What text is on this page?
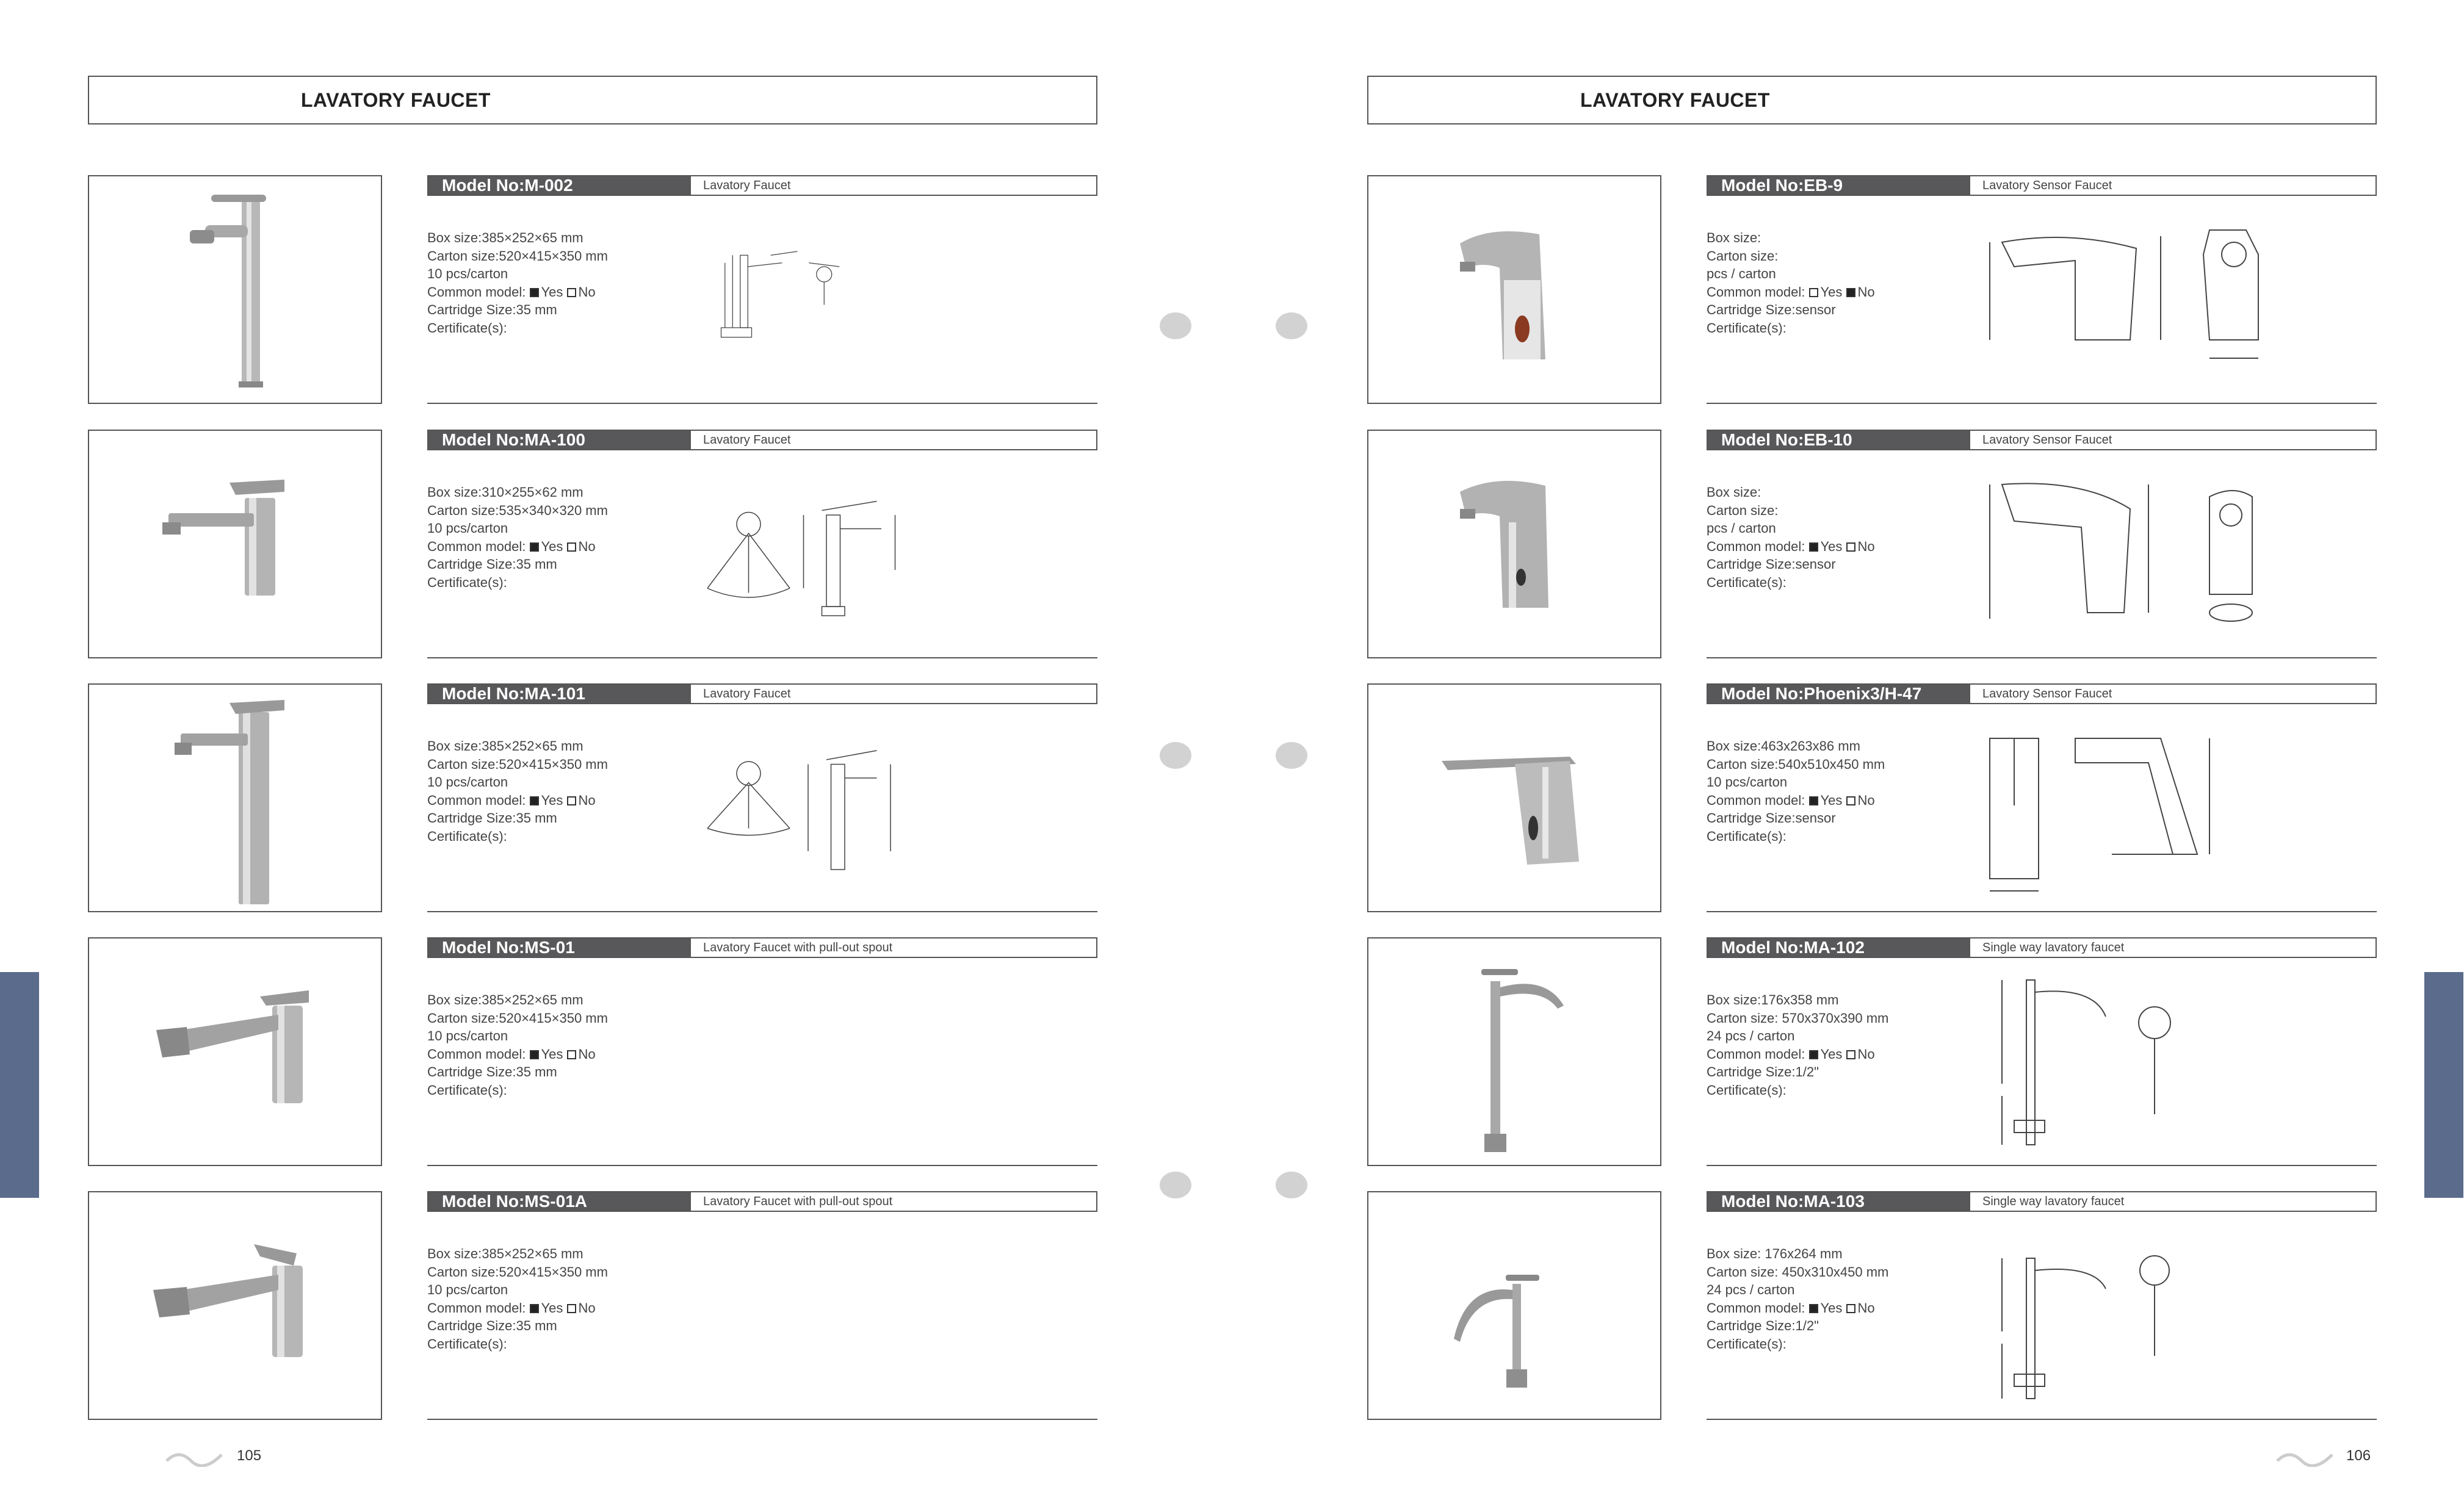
LAVATORY FAUCET
Model No:M-002	Lavatory Faucet
Box size:385×252×65 mm
Carton size:520×415×350 mm
10 pcs/carton
Common model: Yes No
Cartridge Size:35 mm
Certificate(s):
Model No:MA-100	Lavatory Faucet
Box size:310×255×62 mm
Carton size:535×340×320 mm
10 pcs/carton
Common model: Yes No
Cartridge Size:35 mm
Certificate(s):
Model No:MA-101	Lavatory Faucet
Box size:385×252×65 mm
Carton size:520×415×350 mm
10 pcs/carton
Common model: Yes No
Cartridge Size:35 mm
Certificate(s):
Model No:MS-01	Lavatory Faucet with pull-out spout
Box size:385×252×65 mm
Carton size:520×415×350 mm
10 pcs/carton
Common model: Yes No
Cartridge Size:35 mm
Certificate(s):
Model No:MS-01A	Lavatory Faucet with pull-out spout
Box size:385×252×65 mm
Carton size:520×415×350 mm
10 pcs/carton
Common model: Yes No
Cartridge Size:35 mm
Certificate(s):
105
LAVATORY FAUCET
Model No:EB-9	Lavatory Sensor Faucet
Box size:
Carton size:
pcs / carton
Common model: Yes No
Cartridge Size:sensor
Certificate(s):
Model No:EB-10	Lavatory Sensor Faucet
Box size:
Carton size:
pcs / carton
Common model: Yes No
Cartridge Size:sensor
Certificate(s):
Model No:Phoenix3/H-47	Lavatory Sensor Faucet
Box size:463x263x86 mm
Carton size:540x510x450 mm
10 pcs/carton
Common model: Yes No
Cartridge Size:sensor
Certificate(s):
Model No:MA-102	Single way lavatory faucet
Box size:176x358 mm
Carton size: 570x370x390 mm
24 pcs / carton
Common model: Yes No
Cartridge Size:1/2"
Certificate(s):
Model No:MA-103	Single way lavatory faucet
Box size: 176x264 mm
Carton size: 450x310x450 mm
24 pcs / carton
Common model: Yes No
Cartridge Size:1/2"
Certificate(s):
106
